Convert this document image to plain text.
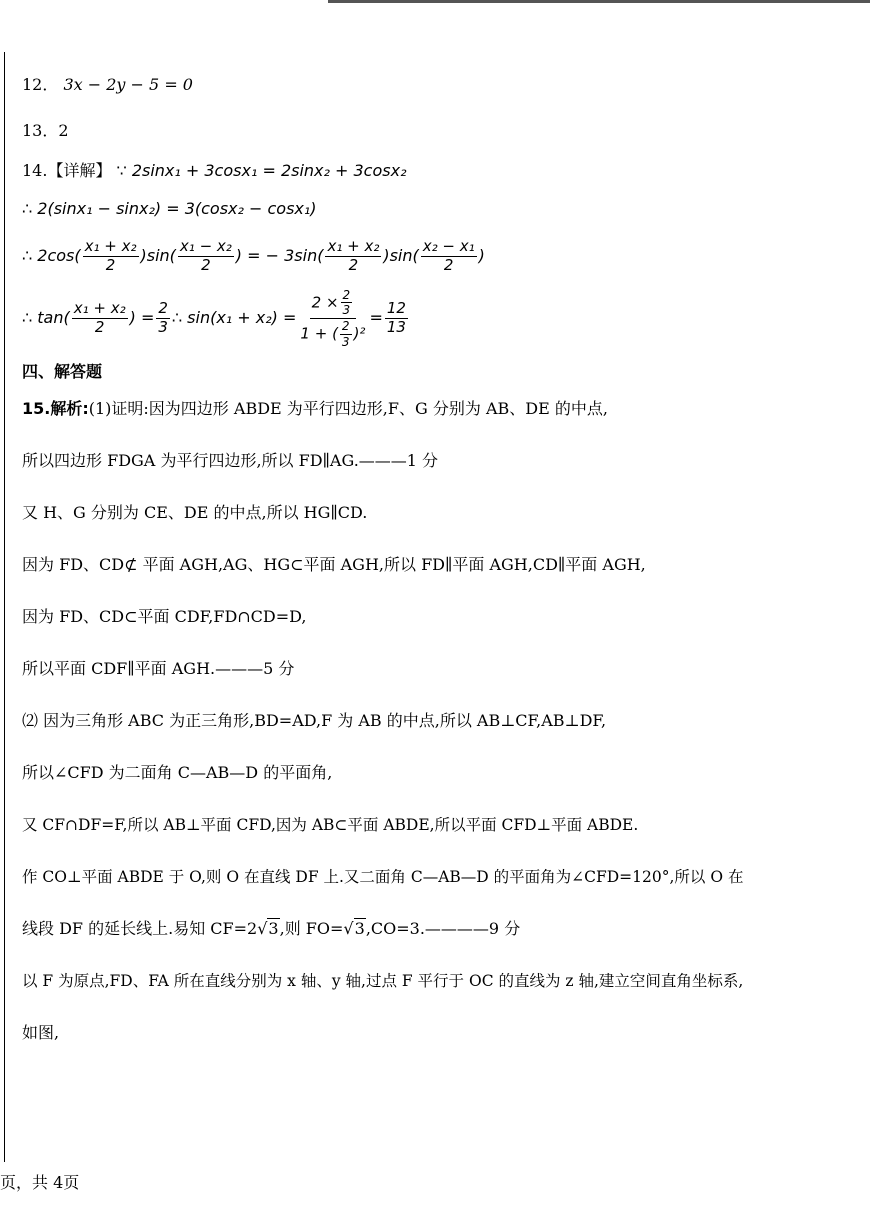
12． 3x − 2y − 5 = 0
13．2
14.【详解】 ∵ 2sinx₁ + 3cosx₁ = 2sinx₂ + 3cosx₂
∴ 2(sinx₁ − sinx₂) = 3(cosx₂ − cosx₁)
∴ $2\cos( \frac{\text{x₁ + x₂}}{2} )\sin( \frac{\text{x₁ − x₂}}{2}$ ) = − $3\sin( \frac{\text{x₁ + x₂}}{2} )\sin( \frac{\text{x₂ − x₁}}{2}$ )
∴ $\tan( \frac{\text{x₁ + x₂}}{2}$ ) = $\frac{2}{3}$ ∴ $\sin(x_1 + x_2) = \frac{2 \times \frac{2}{3}}{1 + ( \frac{2}{3} )^2} = \frac{12}{13}$
四、解答题
15.解析:(1)证明:因为四边形 ABDE 为平行四边形,F、G 分别为 AB、DE 的中点,
所以四边形 FDGA 为平行四边形,所以 FD∥AG.———1 分
又 H、G 分别为 CE、DE 的中点,所以 HG∥CD.
因为 FD、CD⊄ 平面 AGH,AG、HG⊂平面 AGH,所以 FD∥平面 AGH,CD∥平面 AGH,
因为 FD、CD⊂平面 CDF,FD∩CD=D,
所以平面 CDF∥平面 AGH.———5 分
⑵ 因为三角形 ABC 为正三角形,BD=AD,F 为 AB 的中点,所以 AB⊥CF,AB⊥DF,
所以∠CFD 为二面角 C—AB—D 的平面角,
又 CF∩DF=F,所以 AB⊥平面 CFD,因为 AB⊂平面 ABDE,所以平面 CFD⊥平面 ABDE.
作 CO⊥平面 ABDE 于 O,则 O 在直线 DF 上.又二面角 C—AB—D 的平面角为∠CFD=120°,所以 O 在
线段 DF 的延长线上.易知 CF=2√3,则 FO=√3,CO=3.————9 分
以 F 为原点,FD、FA 所在直线分别为 x 轴、y 轴,过点 F 平行于 OC 的直线为 z 轴,建立空间直角坐标系,
如图,
页，共 4页
